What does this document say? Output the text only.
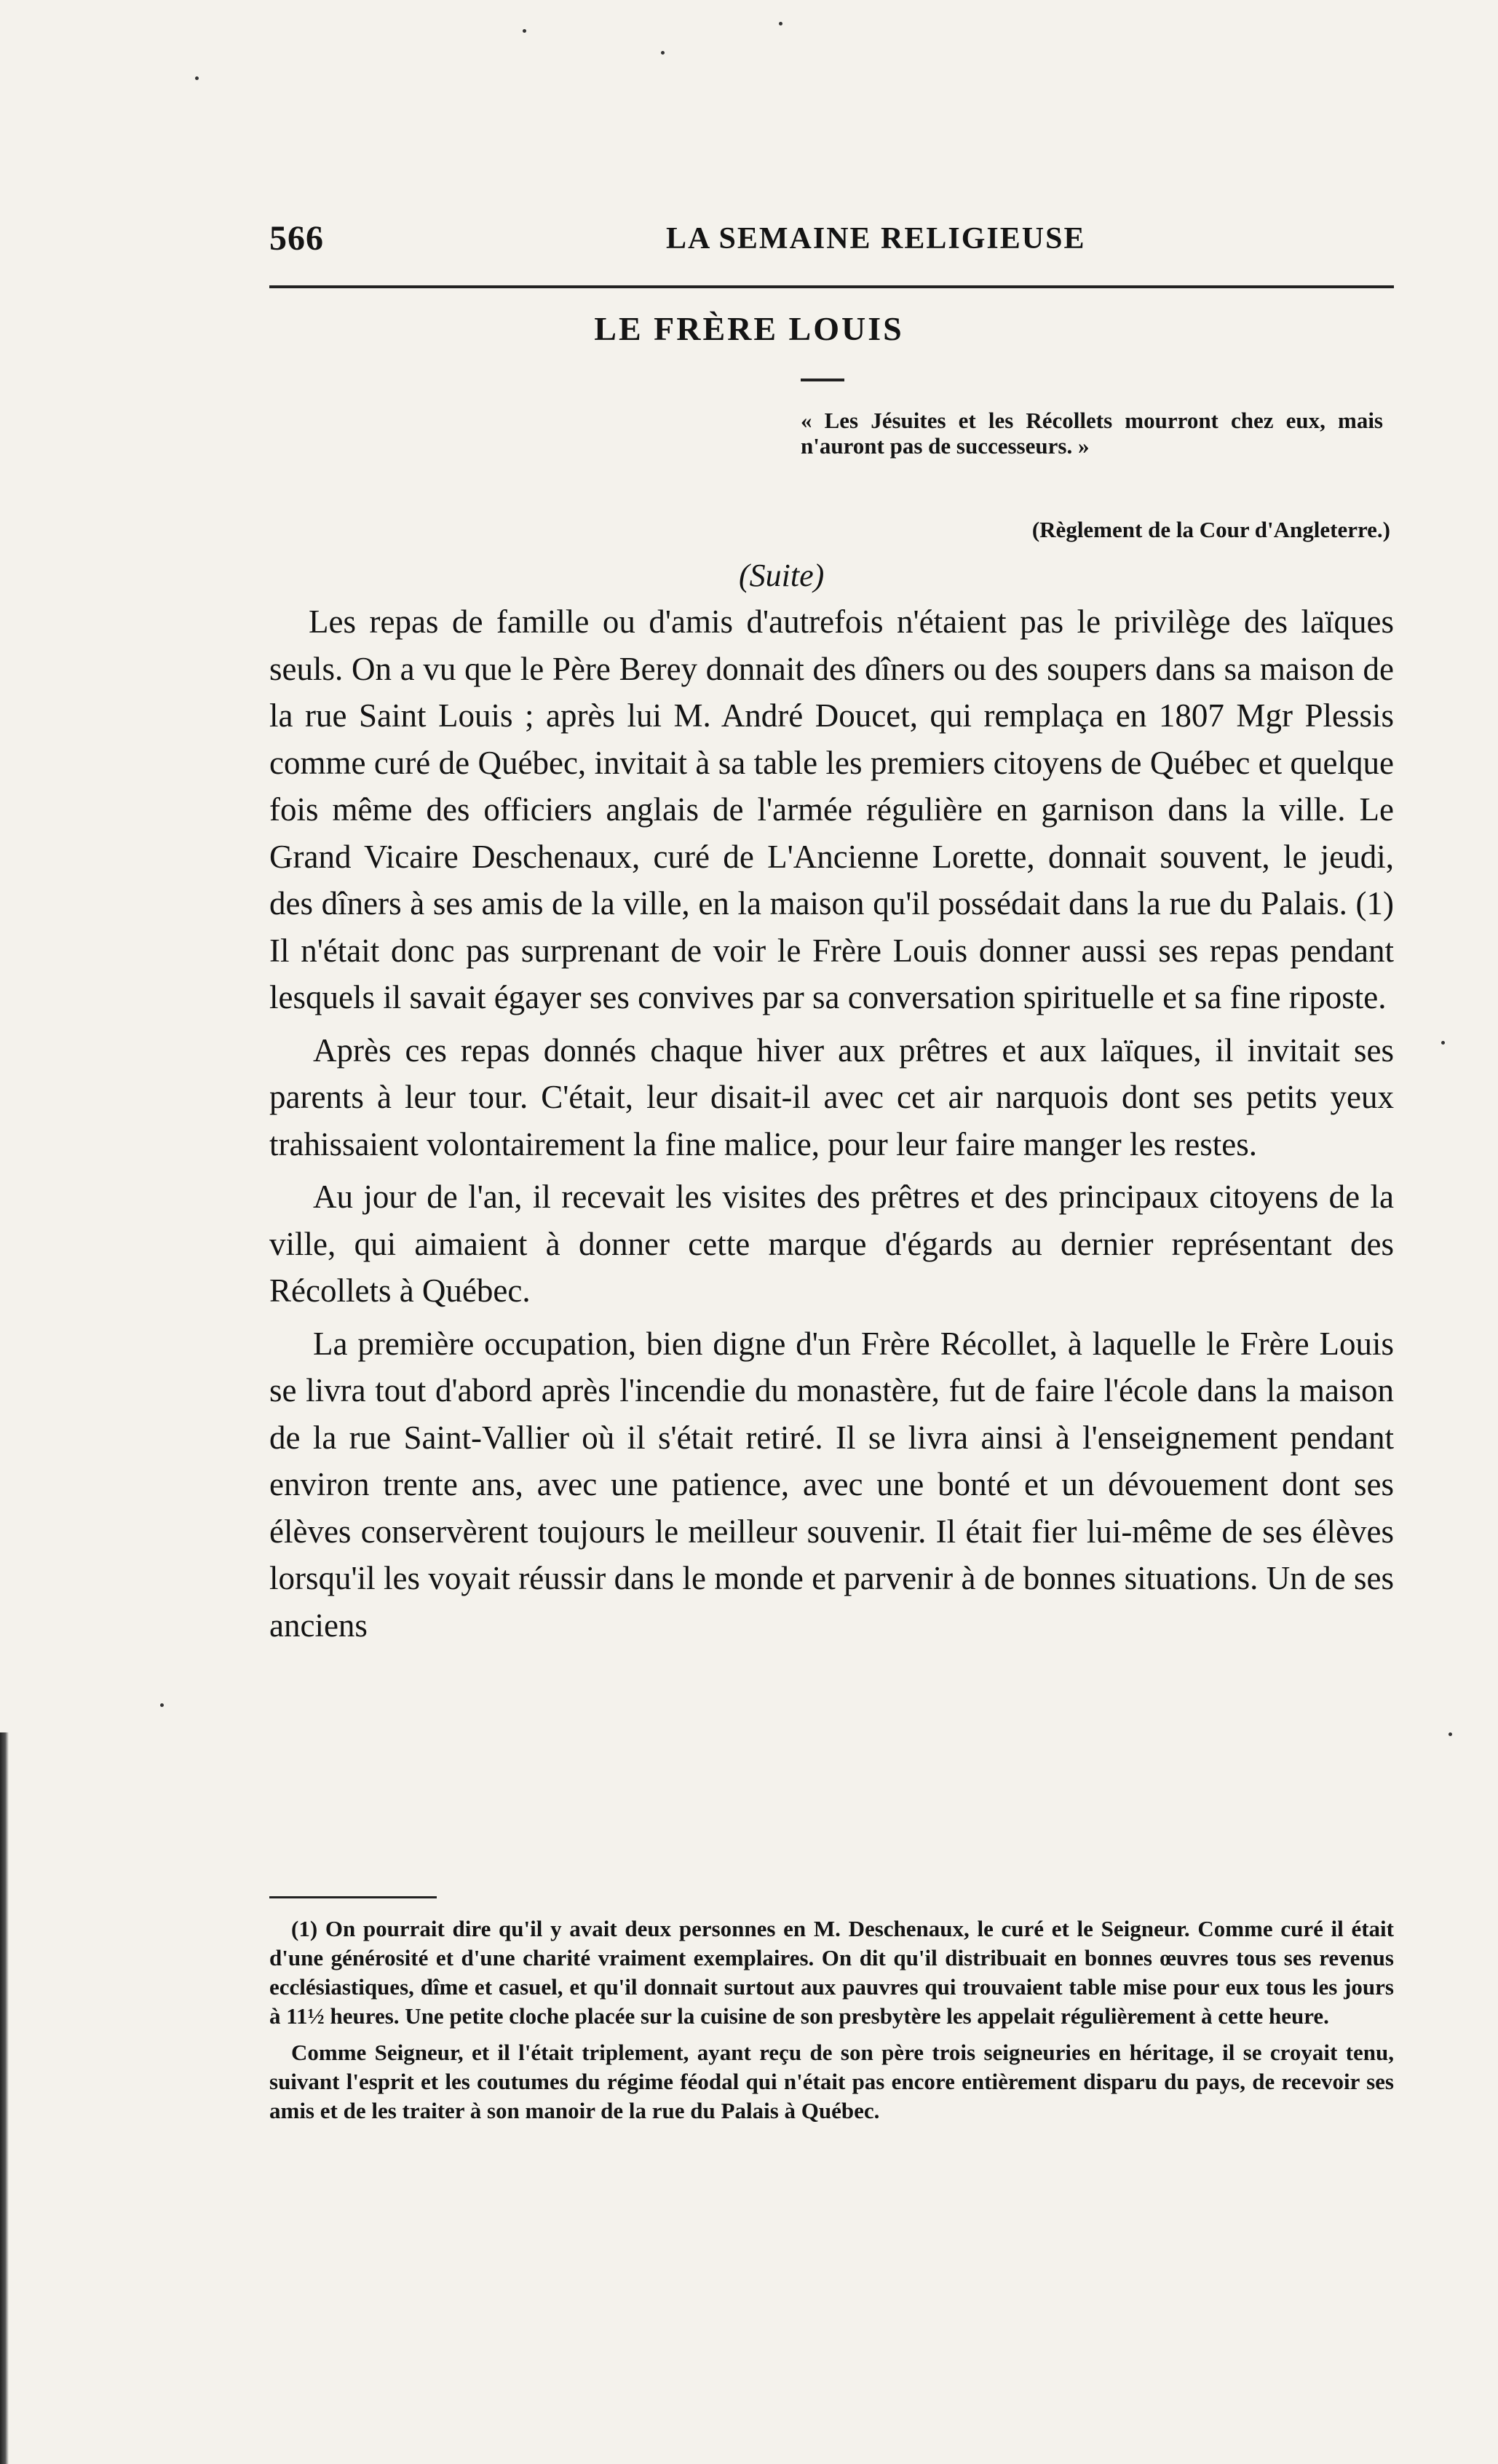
566	LA SEMAINE RELIGIEUSE
LE FRÈRE LOUIS
« Les Jésuites et les Récollets mourront chez eux, mais n'auront pas de successeurs. »
(Règlement de la Cour d'Angleterre.)
(Suite)

Les repas de famille ou d'amis d'autrefois n'étaient pas le privilège des laïques seuls. On a vu que le Père Berey donnait des dîners ou des soupers dans sa maison de la rue Saint Louis ; après lui M. André Doucet, qui remplaça en 1807 Mgr Plessis comme curé de Québec, invitait à sa table les premiers citoyens de Québec et quelque fois même des officiers anglais de l'armée régulière en garnison dans la ville. Le Grand Vicaire Deschenaux, curé de L'Ancienne Lorette, donnait souvent, le jeudi, des dîners à ses amis de la ville, en la maison qu'il possédait dans la rue du Palais. (1) Il n'était donc pas surprenant de voir le Frère Louis donner aussi ses repas pendant lesquels il savait égayer ses convives par sa conversation spirituelle et sa fine riposte.

Après ces repas donnés chaque hiver aux prêtres et aux laïques, il invitait ses parents à leur tour. C'était, leur disait-il avec cet air narquois dont ses petits yeux trahissaient volontairement la fine malice, pour leur faire manger les restes.

Au jour de l'an, il recevait les visites des prêtres et des principaux citoyens de la ville, qui aimaient à donner cette marque d'égards au dernier représentant des Récollets à Québec.

La première occupation, bien digne d'un Frère Récollet, à laquelle le Frère Louis se livra tout d'abord après l'incendie du monastère, fut de faire l'école dans la maison de la rue Saint-Vallier où il s'était retiré. Il se livra ainsi à l'enseignement pendant environ trente ans, avec une patience, avec une bonté et un dévouement dont ses élèves conservèrent toujours le meilleur souvenir. Il était fier lui-même de ses élèves lorsqu'il les voyait réussir dans le monde et parvenir à de bonnes situations. Un de ses anciens

(1) On pourrait dire qu'il y avait deux personnes en M. Deschenaux, le curé et le Seigneur. Comme curé il était d'une générosité et d'une charité vraiment exemplaires. On dit qu'il distribuait en bonnes œuvres tous ses revenus ecclésiastiques, dîme et casuel, et qu'il donnait surtout aux pauvres qui trouvaient table mise pour eux tous les jours à 11½ heures. Une petite cloche placée sur la cuisine de son presbytère les appelait régulièrement à cette heure.

Comme Seigneur, et il l'était triplement, ayant reçu de son père trois seigneuries en héritage, il se croyait tenu, suivant l'esprit et les coutumes du régime féodal qui n'était pas encore entièrement disparu du pays, de recevoir ses amis et de les traiter à son manoir de la rue du Palais à Québec.
